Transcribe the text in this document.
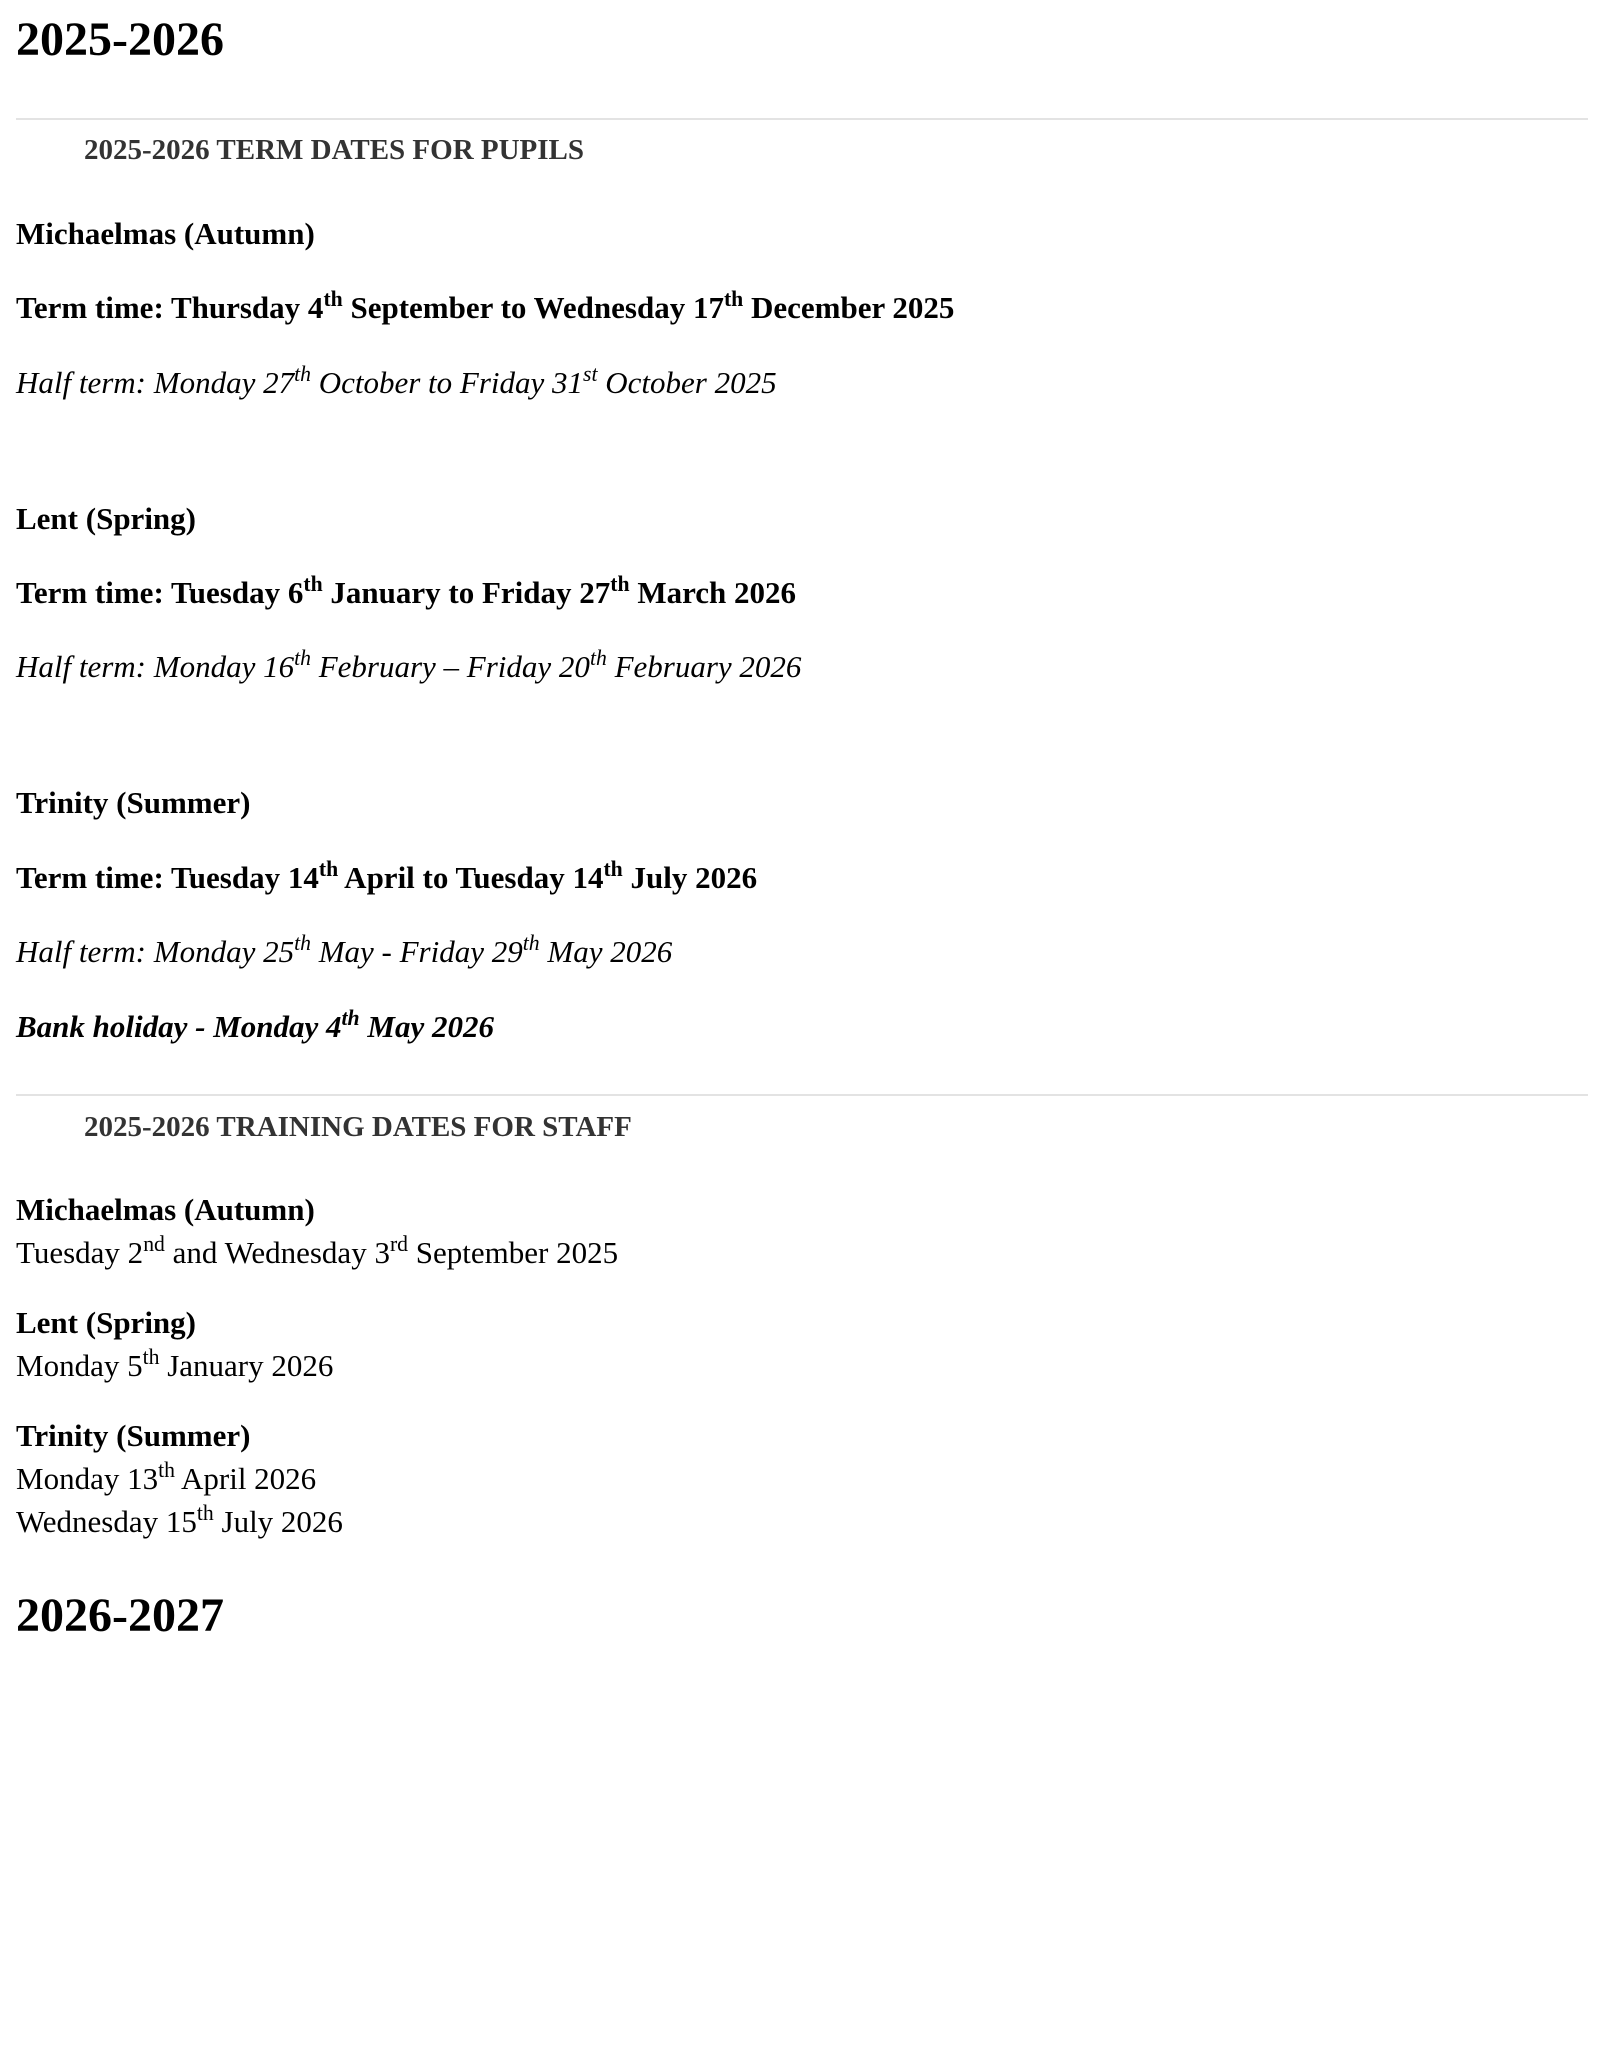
2025-2026
2025-2026 TERM DATES FOR PUPILS

Michaelmas (Autumn)

Term time: Thursday 4th September to Wednesday 17th December 2025

Half term: Monday 27th October to Friday 31st October 2025

Lent (Spring)

Term time: Tuesday 6th January to Friday 27th March 2026

Half term: Monday 16th February – Friday 20th February 2026

Trinity (Summer)

Term time: Tuesday 14th April to Tuesday 14th July 2026

Half term: Monday 25th May - Friday 29th May 2026

Bank holiday - Monday 4th May 2026

2025-2026 TRAINING DATES FOR STAFF

Michaelmas (Autumn)

Tuesday 2nd and Wednesday 3rd September 2025

Lent (Spring)

Monday 5th January 2026

Trinity (Summer)

Monday 13th April 2026

Wednesday 15th July 2026

2026-2027
